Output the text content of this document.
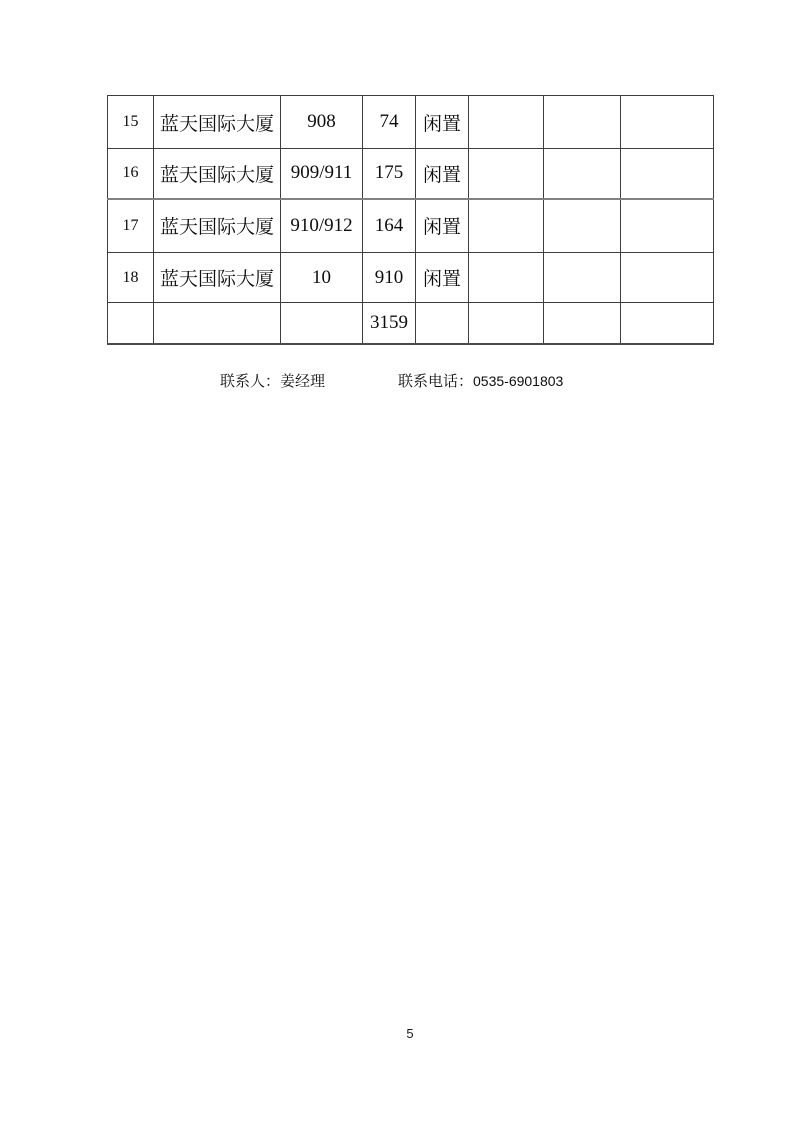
15	蓝天国际大厦	908	74	闲置			
16	蓝天国际大厦	909/911	175	闲置			
17	蓝天国际大厦	910/912	164	闲置			
18	蓝天国际大厦	10	910	闲置			
			3159				
联系人：姜经理	联系电话：0535-6901803
5
